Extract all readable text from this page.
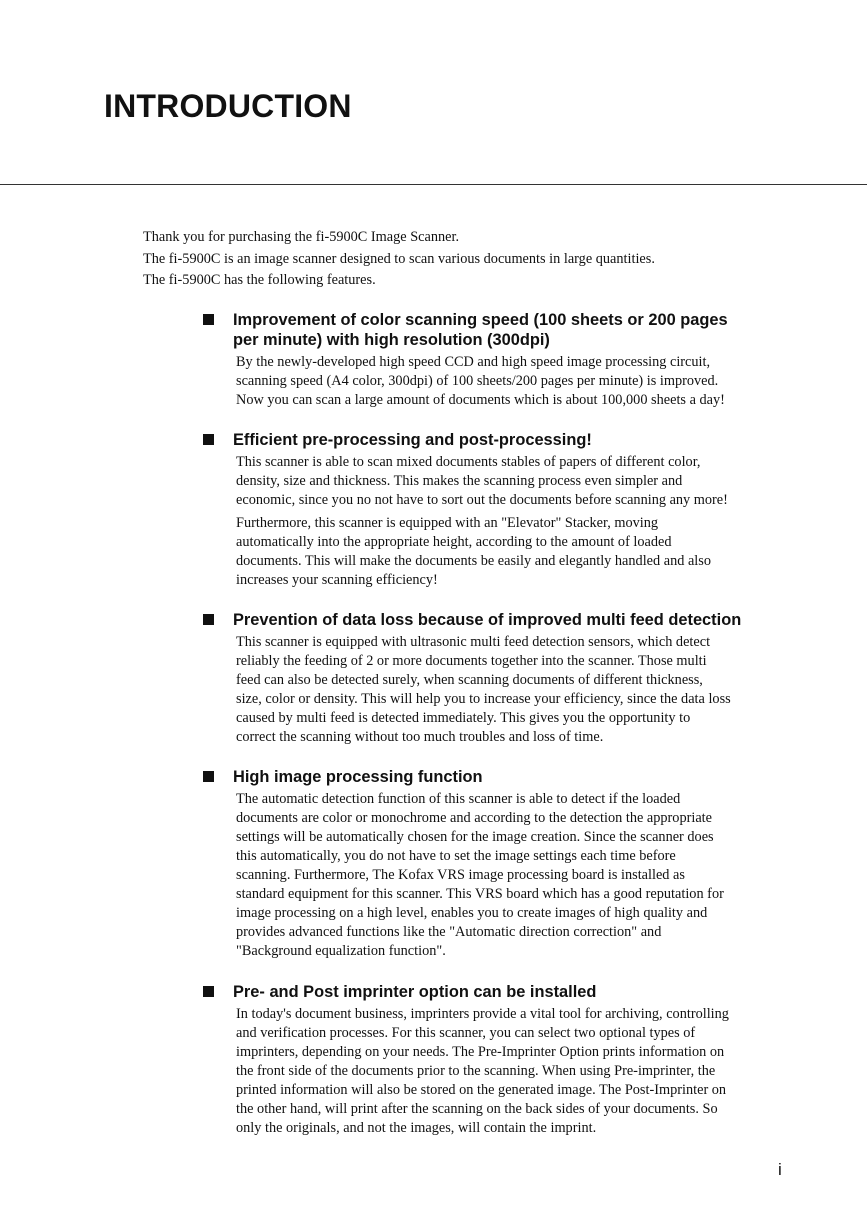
INTRODUCTION

Thank you for purchasing the fi-5900C Image Scanner.

The fi-5900C is an image scanner designed to scan various documents in large quantities.

The fi-5900C has the following features.

Improvement of color scanning speed (100 sheets or 200 pages
per minute) with high resolution (300dpi)

By the newly-developed high speed CCD and high speed image processing circuit,
scanning speed (A4 color, 300dpi) of 100 sheets/200 pages per minute) is improved.
Now you can scan a large amount of documents which is about 100,000 sheets a day!

Efficient pre-processing and post-processing!

This scanner is able to scan mixed documents stables of papers of different color,
density, size and thickness. This makes the scanning process even simpler and
economic, since you no not have to sort out the documents before scanning any more!

Furthermore, this scanner is equipped with an "Elevator" Stacker, moving
automatically into the appropriate height, according to the amount of loaded
documents. This will make the documents be easily and elegantly handled and also
increases your scanning efficiency!

Prevention of data loss because of improved multi feed detection

This scanner is equipped with ultrasonic multi feed detection sensors, which detect
reliably the feeding of 2 or more documents together into the scanner. Those multi
feed can also be detected surely, when scanning documents of different thickness,
size, color or density. This will help you to increase your efficiency, since the data loss
caused by multi feed is detected immediately. This gives you the opportunity to
correct the scanning without too much troubles and loss of time.

High image processing function

The automatic detection function of this scanner is able to detect if the loaded
documents are color or monochrome and according to the detection the appropriate
settings will be automatically chosen for the image creation. Since the scanner does
this automatically, you do not have to set the image settings each time before
scanning. Furthermore, The Kofax VRS image processing board is installed as
standard equipment for this scanner. This VRS board which has a good reputation for
image processing on a high level, enables you to create images of high quality and
provides advanced functions like the "Automatic direction correction" and
"Background equalization function".

Pre- and Post imprinter option can be installed

In today's document business, imprinters provide a vital tool for archiving, controlling
and verification processes. For this scanner, you can select two optional types of
imprinters, depending on your needs. The Pre-Imprinter Option prints information on
the front side of the documents prior to the scanning. When using Pre-imprinter, the
printed information will also be stored on the generated image. The Post-Imprinter on
the other hand, will print after the scanning on the back sides of your documents. So
only the originals, and not the images, will contain the imprint.

i
